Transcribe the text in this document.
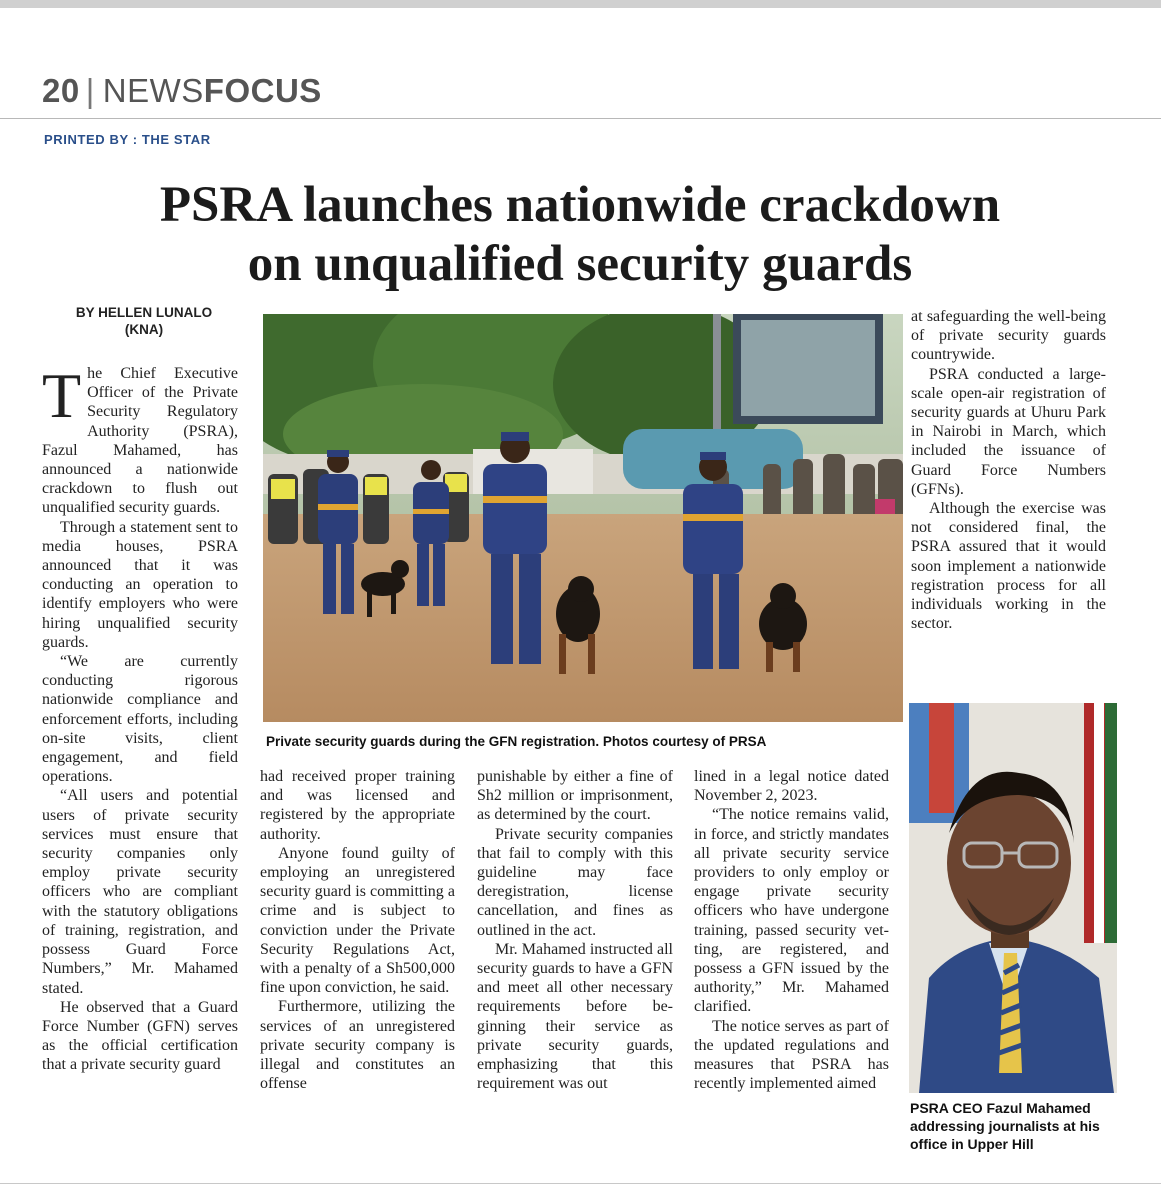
20 | NEWSFOCUS
PRINTED BY : THE STAR
PSRA launches nationwide crackdown
on unqualified security guards
BY HELLEN LUNALO
(KNA)
Private security guards during the GFN registration. Photos courtesy of PRSA
PSRA CEO Fazul Mahamed addressing journalists at his office in Upper Hill

The Chief Executive Officer of the Private Security Regulatory Authority (PSRA), Fazul Mahamed, has announced a nationwide crackdown to flush out unqualified security guards.

Through a statement sent to media houses, PSRA announced that it was conducting an operation to identify employers who were hiring unqualified security guards.

“We are currently conducting rigorous nationwide compliance and enforcement efforts, including on-site visits, client engagement, and field operations.

“All users and potential users of private security services must ensure that security companies only employ private security officers who are compliant with the statutory obligations of training, registration, and possess Guard Force Numbers,” Mr. Mahamed stated.

He observed that a Guard Force Number (GFN) serves as the official certification that a private security guard

had received proper training and was licensed and registered by the appropriate authority.

Anyone found guilty of employing an unregistered security guard is committing a crime and is subject to conviction under the Private Security Regulations Act, with a penalty of a Sh500,000 fine upon conviction, he said.

Furthermore, utilizing the services of an unregistered private security company is illegal and constitutes an offense

punishable by either a fine of Sh2 million or imprisonment, as determined by the court.

Private security companies that fail to comply with this guideline may face deregistration, license cancellation, and fines as outlined in the act.

Mr. Mahamed instructed all security guards to have a GFN and meet all other necessary requirements before beginning their service as private security guards, emphasizing that this requirement was out

lined in a legal notice dated November 2, 2023.

“The notice remains valid, in force, and strictly mandates all private security service providers to only employ or engage private security officers who have undergone training, passed security vetting, are registered, and possess a GFN issued by the authority,” Mr. Mahamed clarified.

The notice serves as part of the updated regulations and measures that PSRA has recently implemented aimed

at safeguarding the well-being of private security guards countrywide.

PSRA conducted a large-scale open-air registration of security guards at Uhuru Park in Nairobi in March, which included the issuance of Guard Force Numbers (GFNs).

Although the exercise was not considered final, the PSRA assured that it would soon implement a nationwide registration process for all individuals working in the sector.
